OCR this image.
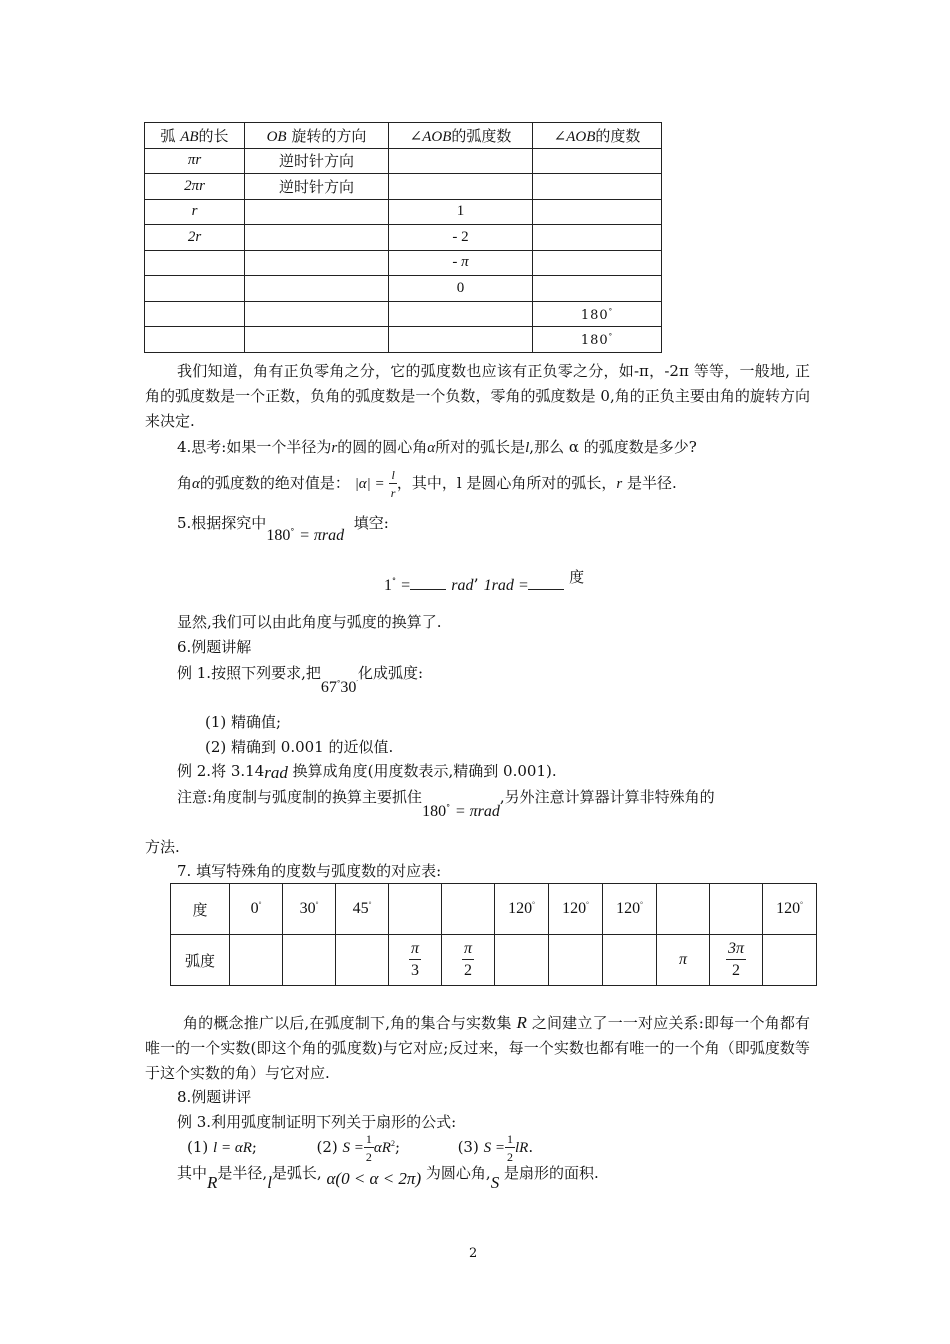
弧 AB的长	OB 旋转的方向	∠AOB的弧度数	∠AOB的度数
πr	逆时针方向		
2πr	逆时针方向		
r		1	
2r		- 2	
		- π	
		0	
			180°
			180°
我们知道，角有正负零角之分，它的弧度数也应该有正负零之分，如-π，-2π 等等，一般地, 正角的弧度数是一个正数，负角的弧度数是一个负数，零角的弧度数是 0,角的正负主要由角的旋转方向来决定.
4.思考:如果一个半径为r的圆的圆心角α所对的弧长是l,那么 α 的弧度数是多少?
角α的弧度数的绝对值是： $|\alpha| = \frac{l}{r}$ ，其中，l 是圆心角所对的弧长，r 是半径.
5.根据探究中180° = πrad  填空:
1° =	rad’ 1rad =	度
显然,我们可以由此角度与弧度的换算了.
6.例题讲解
例 1.按照下列要求,把67°30′化成弧度:
(1) 精确值;
(2) 精确到 0.001 的近似值.
例 2.将 3.14rad 换算成角度(用度数表示,精确到 0.001).
注意:角度制与弧度制的换算主要抓住180° = πrad,另外注意计算器计算非特殊角的
方法.
7. 填写特殊角的度数与弧度数的对应表:
度	0°	30°	45°			120°	120°	120°			120°
弧度				$\frac{\pi}{3}$	$\frac{\pi}{2}$				π	$\frac{3\pi}{2}$

角的概念推广以后,在弧度制下,角的集合与实数集 R 之间建立了一一对应关系:即每一个角都有唯一的一个实数(即这个角的弧度数)与它对应;反过来，每一个实数也都有唯一的一个角（即弧度数等于这个实数的角）与它对应.
8.例题讲评
例 3.利用弧度制证明下列关于扇形的公式:
(1) l = αR;	(2) $S = \frac{1}{2} \alpha R^2$;	(3) $S = \frac{1}{2}$ lR.
其中R是半径,l是弧长, α(0 < α < 2π) 为圆心角,S 是扇形的面积.
2
